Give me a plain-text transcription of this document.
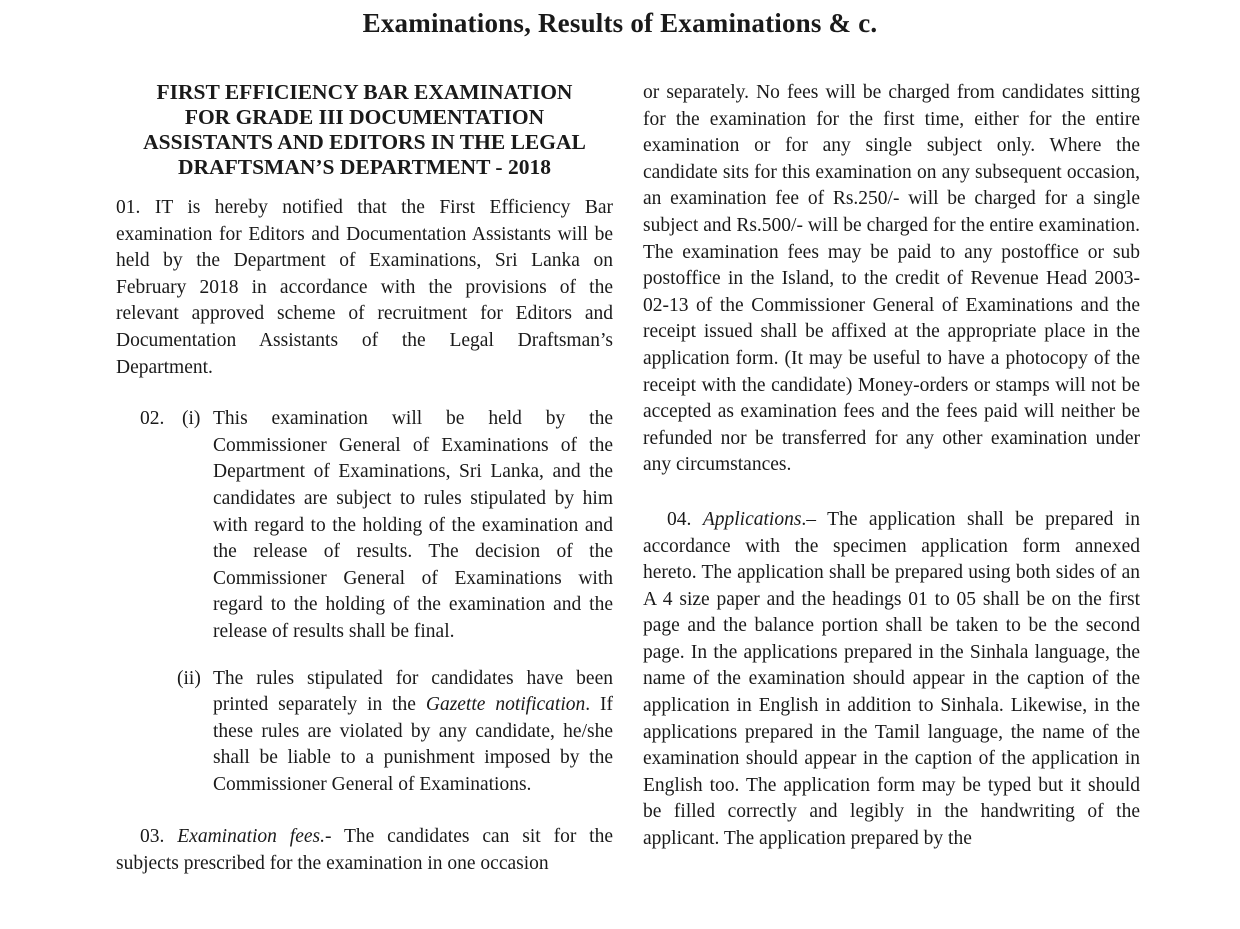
Examinations, Results of Examinations & c.
FIRST EFFICIENCY BAR EXAMINATION
FOR GRADE III DOCUMENTATION
ASSISTANTS AND EDITORS IN THE LEGAL
DRAFTSMAN’S DEPARTMENT - 2018

01. IT is hereby notified that the First Efficiency Bar examination for Editors and Documentation Assistants will be held by the Department of Examinations, Sri Lanka on February 2018 in accordance with the provisions of the relevant approved scheme of recruitment for Editors and Documentation Assistants of the Legal Draftsman’s Department.

02. (i) This examination will be held by the Commissioner General of Examinations of the Department of Examinations, Sri Lanka, and the candidates are subject to rules stipulated by him with regard to the holding of the examination and the release of results. The decision of the Commissioner General of Examinations with regard to the holding of the examination and the release of results shall be final.

(ii) The rules stipulated for candidates have been printed separately in the Gazette notification. If these rules are violated by any candidate, he/she shall be liable to a punishment imposed by the Commissioner General of Examinations.

03. Examination fees.- The candidates can sit for the subjects prescribed for the examination in one occasion

or separately. No fees will be charged from candidates sitting for the examination for the first time, either for the entire examination or for any single subject only. Where the candidate sits for this examination on any subsequent occasion, an examination fee of Rs.250/- will be charged for a single subject and Rs.500/- will be charged for the entire examination. The examination fees may be paid to any postoffice or sub postoffice in the Island, to the credit of Revenue Head 2003-02-13 of the Commissioner General of Examinations and the receipt issued shall be affixed at the appropriate place in the application form. (It may be useful to have a photocopy of the receipt with the candidate) Money-orders or stamps will not be accepted as examination fees and the fees paid will neither be refunded nor be transferred for any other examination under any circumstances.

04. Applications.– The application shall be prepared in accordance with the specimen application form annexed hereto. The application shall be prepared using both sides of an A 4 size paper and the headings 01 to 05 shall be on the first page and the balance portion shall be taken to be the second page. In the applications prepared in the Sinhala language, the name of the examination should appear in the caption of the application in English in addition to Sinhala. Likewise, in the applications prepared in the Tamil language, the name of the examination should appear in the caption of the application in English too. The application form may be typed but it should be filled correctly and legibly in the handwriting of the applicant. The application prepared by the
